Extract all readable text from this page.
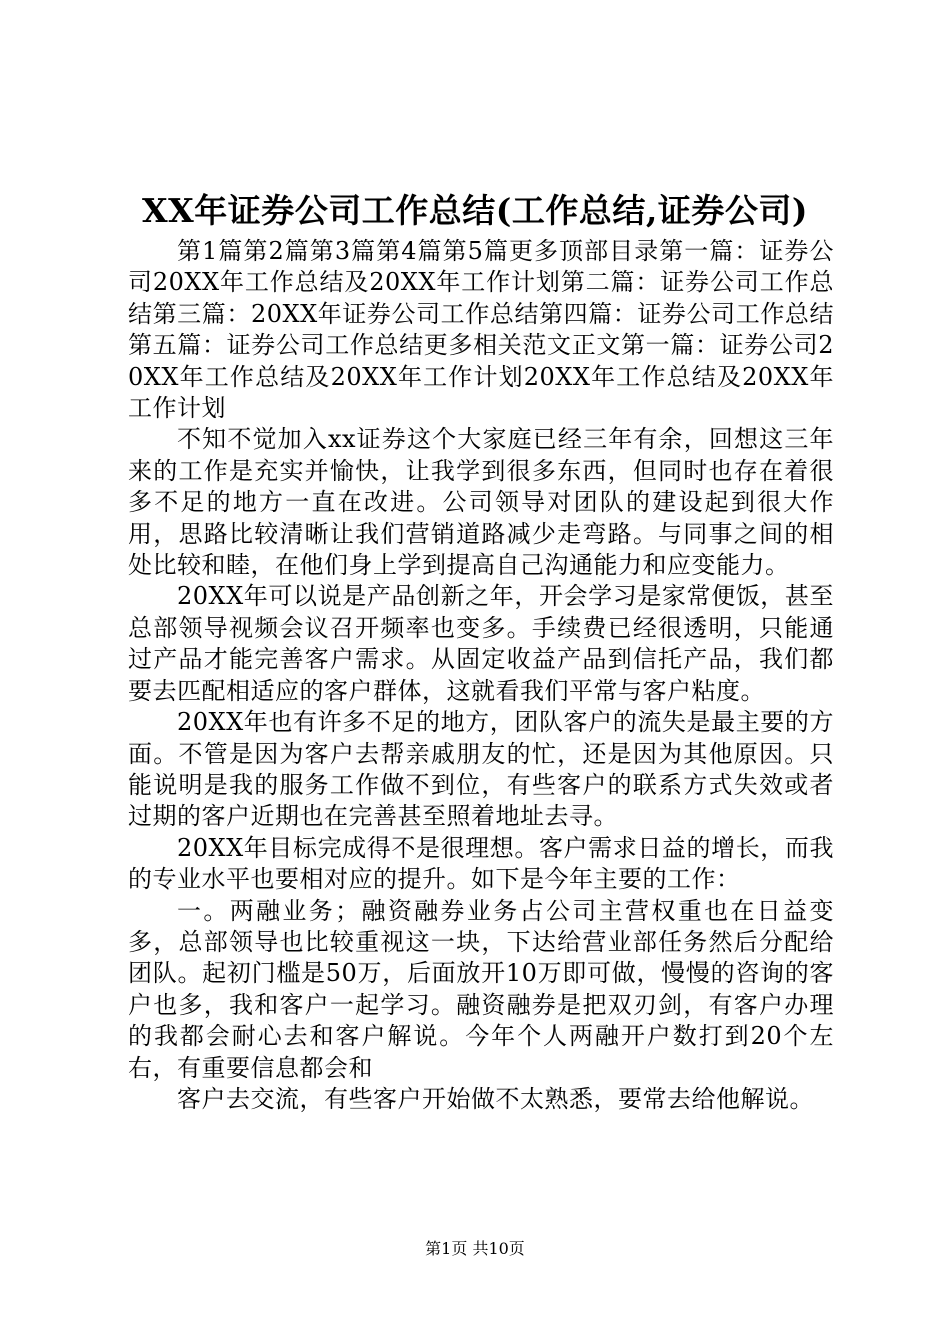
XX年证券公司工作总结(工作总结,证券公司)

第1篇第2篇第3篇第4篇第5篇更多顶部目录第一篇：证券公司20XX年工作总结及20XX年工作计划第二篇：证券公司工作总结第三篇：20XX年证券公司工作总结第四篇：证券公司工作总结第五篇：证券公司工作总结更多相关范文正文第一篇：证券公司20XX年工作总结及20XX年工作计划20XX年工作总结及20XX年工作计划

不知不觉加入xx证券这个大家庭已经三年有余，回想这三年来的工作是充实并愉快，让我学到很多东西，但同时也存在着很多不足的地方一直在改进。公司领导对团队的建设起到很大作用，思路比较清晰让我们营销道路减少走弯路。与同事之间的相处比较和睦，在他们身上学到提高自己沟通能力和应变能力。

20XX年可以说是产品创新之年，开会学习是家常便饭，甚至总部领导视频会议召开频率也变多。手续费已经很透明，只能通过产品才能完善客户需求。从固定收益产品到信托产品，我们都要去匹配相适应的客户群体，这就看我们平常与客户粘度。

20XX年也有许多不足的地方，团队客户的流失是最主要的方面。不管是因为客户去帮亲戚朋友的忙，还是因为其他原因。只能说明是我的服务工作做不到位，有些客户的联系方式失效或者过期的客户近期也在完善甚至照着地址去寻。

20XX年目标完成得不是很理想。客户需求日益的增长，而我的专业水平也要相对应的提升。如下是今年主要的工作：

一。两融业务；融资融券业务占公司主营权重也在日益变多，总部领导也比较重视这一块，下达给营业部任务然后分配给团队。起初门槛是50万，后面放开10万即可做，慢慢的咨询的客户也多，我和客户一起学习。融资融券是把双刃剑，有客户办理的我都会耐心去和客户解说。今年个人两融开户数打到20个左右，有重要信息都会和

客户去交流，有些客户开始做不太熟悉，要常去给他解说。

第1页 共10页
